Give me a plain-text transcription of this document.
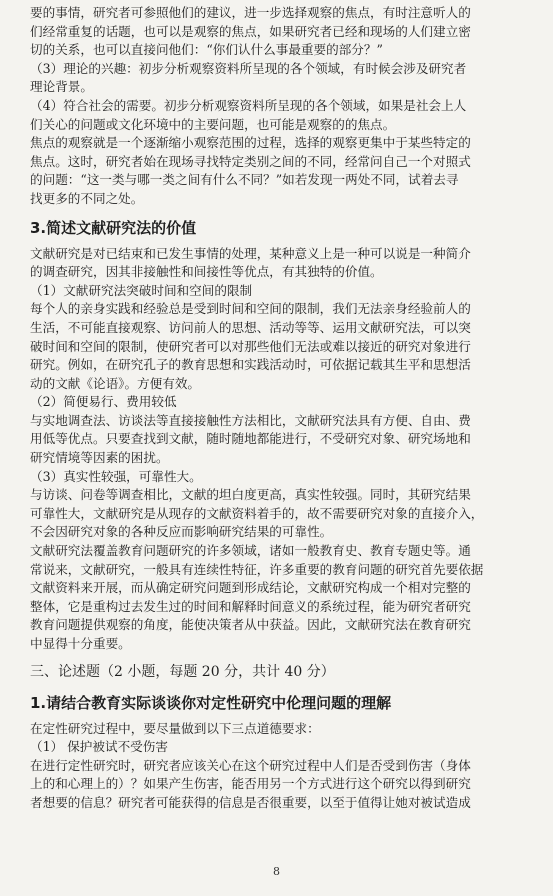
要的事情，研究者可参照他们的建议，进一步选择观察的焦点，有时注意听人的
们经常重复的话题，也可以是观察的焦点，如果研究者已经和现场的人们建立密
切的关系，也可以直接问他们：“你们认什么事最重要的部分？”
（3）理论的兴趣：初步分析观察资料所呈现的各个领域，有时候会涉及研究者
理论背景。
（4）符合社会的需要。初步分析观察资料所呈现的各个领域，如果是社会上人
们关心的问题或文化环境中的主要问题，也可能是观察的的焦点。
焦点的观察就是一个逐渐缩小观察范围的过程，选择的观察更集中于某些特定的
焦点。这时，研究者始在现场寻找特定类别之间的不同，经常问自己一个对照式
的问题：“这一类与哪一类之间有什么不同？”如若发现一两处不同，试着去寻
找更多的不同之处。
3.简述文献研究法的价值
文献研究是对已结束和已发生事情的处理，某种意义上是一种可以说是一种简介
的调查研究，因其非接触性和间接性等优点，有其独特的价值。
（1）文献研究法突破时间和空间的限制
每个人的亲身实践和经验总是受到时间和空间的限制，我们无法亲身经验前人的
生活，不可能直接观察、访问前人的思想、活动等等、运用文献研究法，可以突
破时间和空间的限制，使研究者可以对那些他们无法或难以接近的研究对象进行
研究。例如，在研究孔子的教育思想和实践活动时，可依据记载其生平和思想活
动的文献《论语》。方便有效。
（2）简便易行、费用较低
与实地调查法、访谈法等直接接触性方法相比，文献研究法具有方便、自由、费
用低等优点。只要查找到文献，随时随地都能进行，不受研究对象、研究场地和
研究情境等因素的困扰。
（3）真实性较强，可靠性大。
与访谈、问卷等调查相比，文献的坦白度更高，真实性较强。同时，其研究结果
可靠性大，文献研究是从现存的文献资料着手的，故不需要研究对象的直接介入，
不会因研究对象的各种反应而影响研究结果的可靠性。
文献研究法覆盖教育问题研究的许多领域，诸如一般教育史、教育专题史等。通
常说来，文献研究，一般具有连续性特征，许多重要的教育问题的研究首先要依据
文献资料来开展，而从确定研究问题到形成结论，文献研究构成一个相对完整的
整体，它是重构过去发生过的时间和解释时间意义的系统过程，能为研究者研究
教育问题提供观察的角度，能使决策者从中获益。因此，文献研究法在教育研究
中显得十分重要。
三、论述题（2 小题，每题 20 分，共计 40 分）
1.请结合教育实际谈谈你对定性研究中伦理问题的理解
在定性研究过程中，要尽量做到以下三点道德要求：
（1） 保护被试不受伤害
在进行定性研究时，研究者应该关心在这个研究过程中人们是否受到伤害（身体
上的和心理上的）？如果产生伤害，能否用另一个方式进行这个研究以得到研究
者想要的信息？研究者可能获得的信息是否很重要，以至于值得让她对被试造成
8
